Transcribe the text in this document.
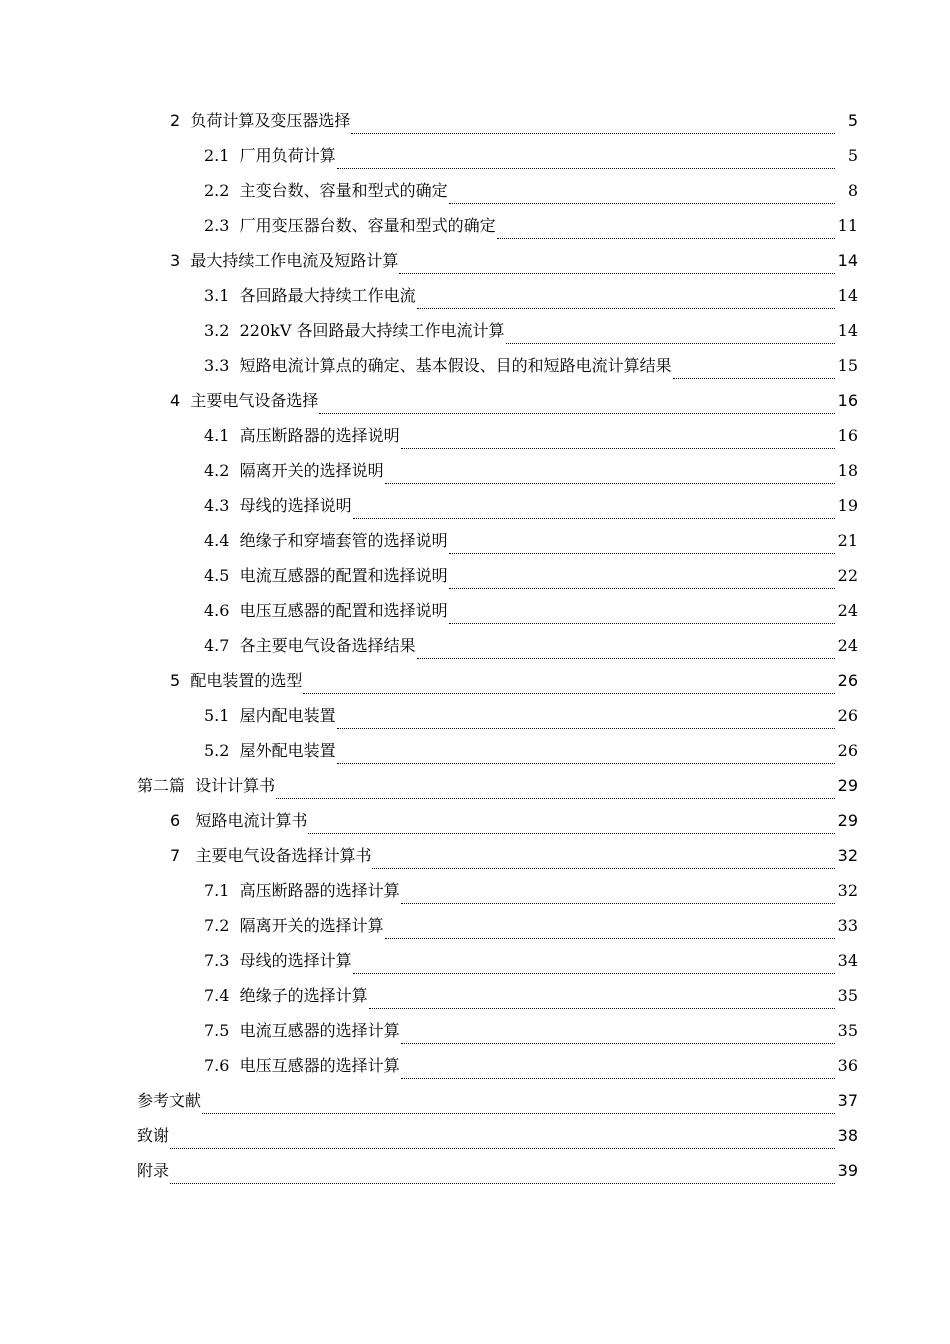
2  负荷计算及变压器选择	5
2.1  厂用负荷计算	5
2.2  主变台数、容量和型式的确定	8
2.3  厂用变压器台数、容量和型式的确定	11
3  最大持续工作电流及短路计算	14
3.1  各回路最大持续工作电流	14
3.2  220kV 各回路最大持续工作电流计算	14
3.3  短路电流计算点的确定、基本假设、目的和短路电流计算结果	15
4  主要电气设备选择	16
4.1  高压断路器的选择说明	16
4.2  隔离开关的选择说明	18
4.3  母线的选择说明	19
4.4  绝缘子和穿墙套管的选择说明	21
4.5  电流互感器的配置和选择说明	22
4.6  电压互感器的配置和选择说明	24
4.7  各主要电气设备选择结果	24
5  配电装置的选型	26
5.1  屋内配电装置	26
5.2  屋外配电装置	26
第二篇  设计计算书	29
6   短路电流计算书	29
7   主要电气设备选择计算书	32
7.1  高压断路器的选择计算	32
7.2  隔离开关的选择计算	33
7.3  母线的选择计算	34
7.4  绝缘子的选择计算	35
7.5  电流互感器的选择计算	35
7.6  电压互感器的选择计算	36
参考文献	37
致谢	38
附录	39
